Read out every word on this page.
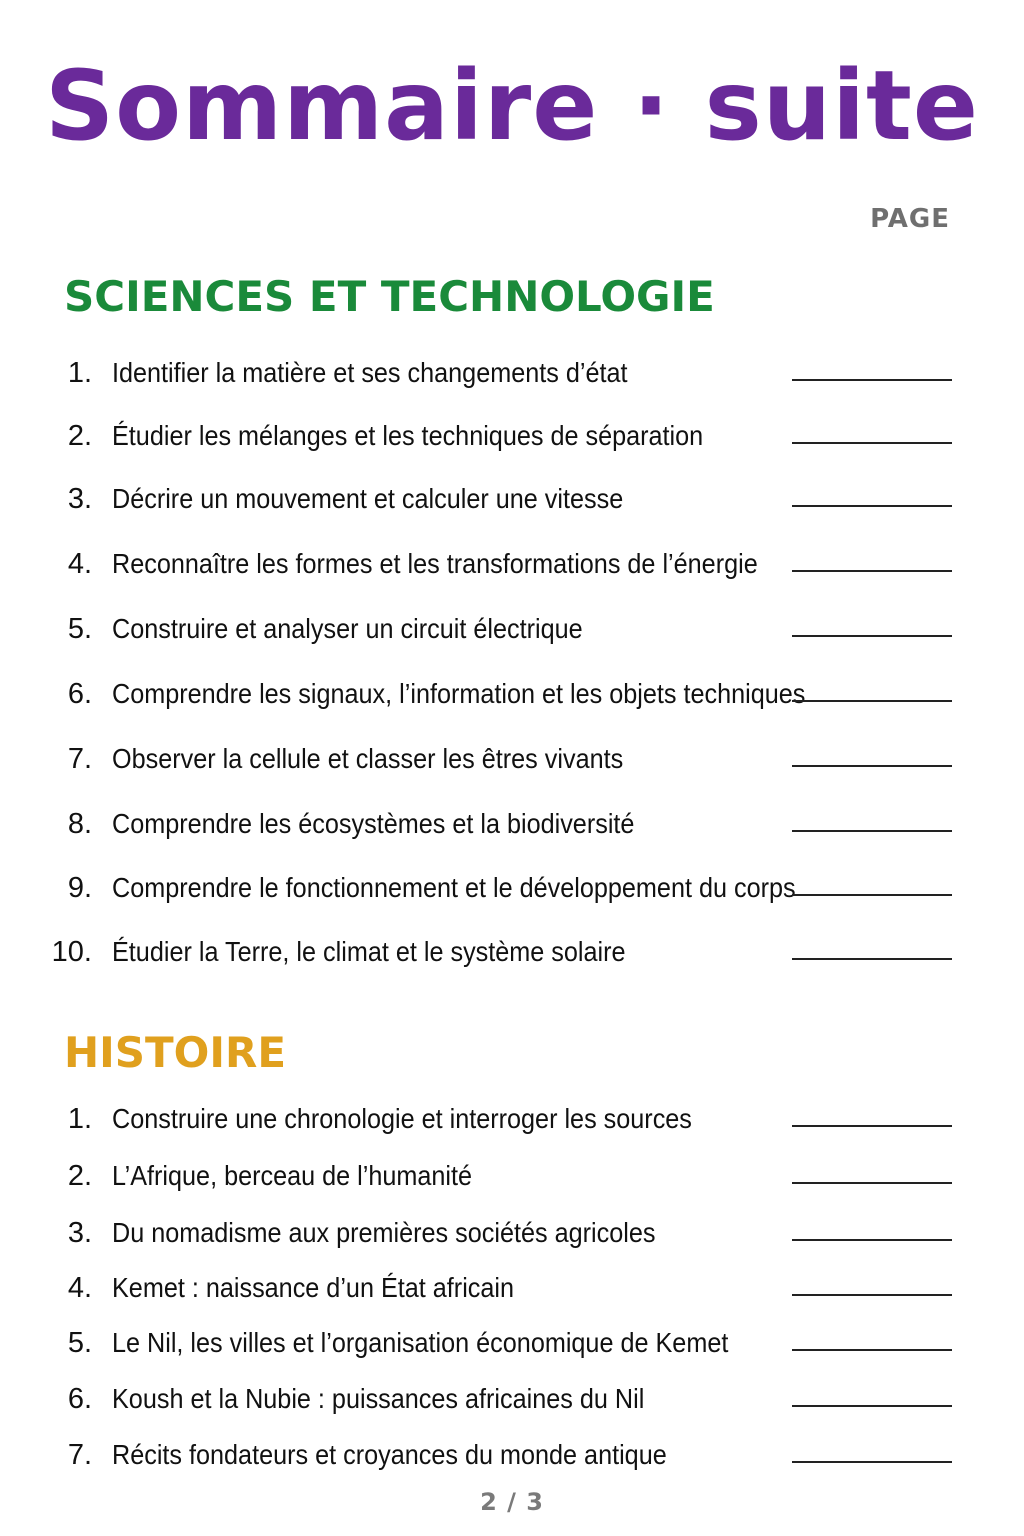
Sommaire · suite
PAGE
SCIENCES ET TECHNOLOGIE
1. Identifier la matière et ses changements d’état
2. Étudier les mélanges et les techniques de séparation
3. Décrire un mouvement et calculer une vitesse
4. Reconnaître les formes et les transformations de l’énergie
5. Construire et analyser un circuit électrique
6. Comprendre les signaux, l’information et les objets techniques
7. Observer la cellule et classer les êtres vivants
8. Comprendre les écosystèmes et la biodiversité
9. Comprendre le fonctionnement et le développement du corps
10. Étudier la Terre, le climat et le système solaire
HISTOIRE
1. Construire une chronologie et interroger les sources
2. L’Afrique, berceau de l’humanité
3. Du nomadisme aux premières sociétés agricoles
4. Kemet : naissance d’un État africain
5. Le Nil, les villes et l’organisation économique de Kemet
6. Koush et la Nubie : puissances africaines du Nil
7. Récits fondateurs et croyances du monde antique
2 / 3
